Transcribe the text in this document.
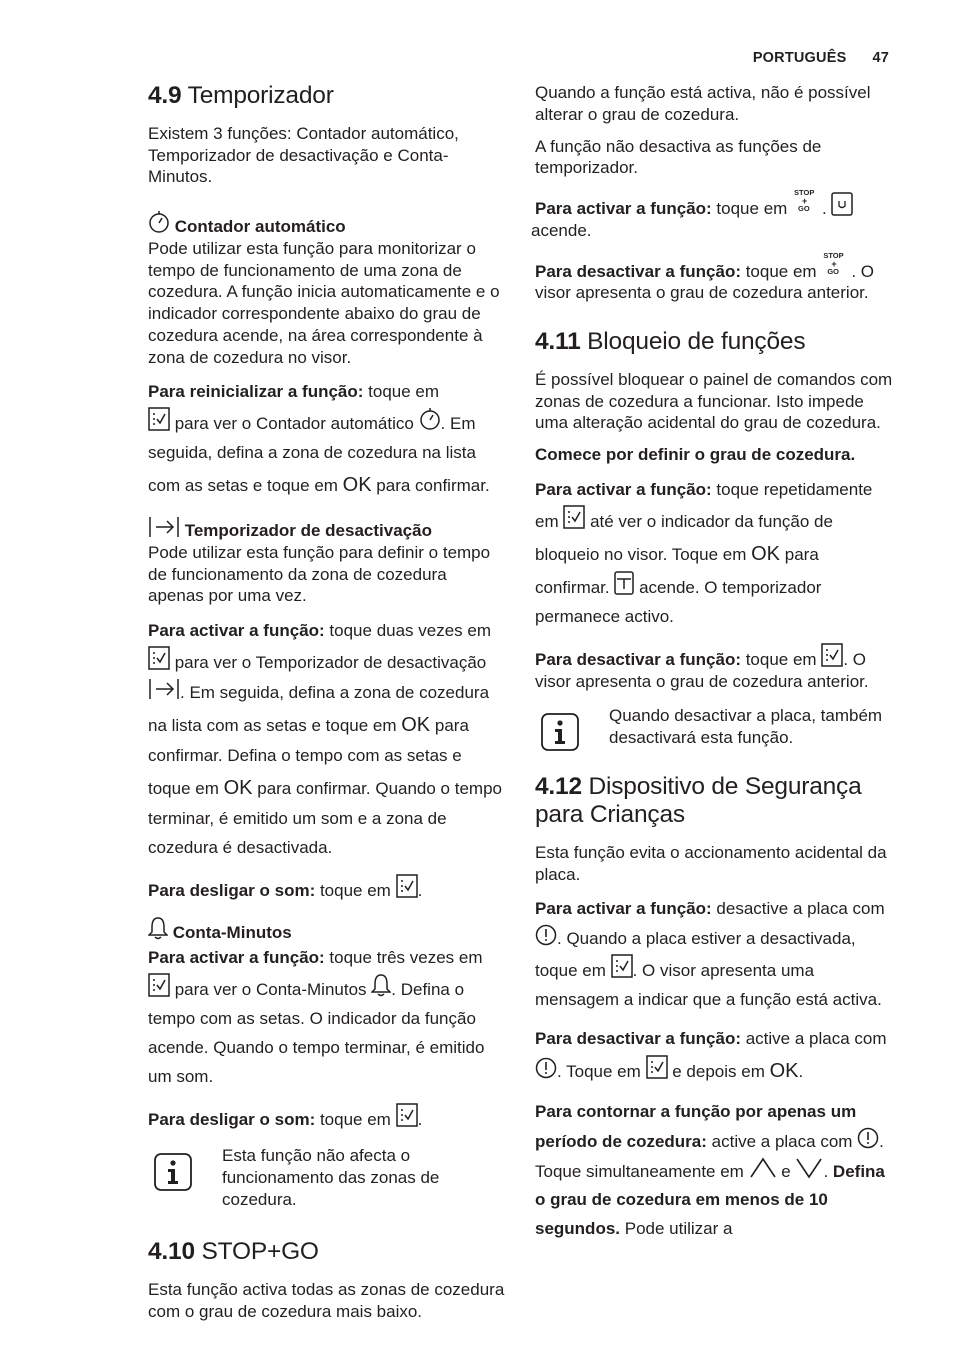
PORTUGUÊS 47
4.9 Temporizador

Existem 3 funções: Contador automático, Temporizador de desactivação e Conta-Minutos.

Contador automático
Pode utilizar esta função para monitorizar o tempo de funcionamento de uma zona de cozedura. A função inicia automaticamente e o indicador correspondente abaixo do grau de cozedura acende, na área correspondente à zona de cozedura no visor.

Para reinicializar a função: toque em

para ver o Contador automático
. Em seguida, defina a zona de cozedura na lista com as setas e toque em OK para confirmar.

Temporizador de desactivação
Pode utilizar esta função para definir o tempo de funcionamento da zona de cozedura apenas por uma vez.

Para activar a função: toque duas vezes em
para ver o Temporizador de desactivação
. Em seguida, defina a zona de cozedura na lista com as setas e toque em OK para confirmar. Defina o tempo com as setas e toque em OK para confirmar. Quando o tempo terminar, é emitido um som e a zona de cozedura é desactivada.

Para desligar o som: toque em
.

Conta-Minutos

Para activar a função: toque três vezes em
para ver o Conta-Minutos
. Defina o tempo com as setas. O indicador da função acende. Quando o tempo terminar, é emitido um som.

Para desligar o som: toque em
.

Esta função não afecta o funcionamento das zonas de cozedura.

4.10 STOP+GO

Esta função activa todas as zonas de cozedura com o grau de cozedura mais baixo.

Quando a função está activa, não é possível alterar o grau de cozedura.

A função não desactiva as funções de temporizador.

Para activar a função: toque em
STOP
+
GO .

acende.

Para desactivar a função: toque em
STOP
+
GO . O visor apresenta o grau de cozedura anterior.

4.11 Bloqueio de funções

É possível bloquear o painel de comandos com zonas de cozedura a funcionar. Isto impede uma alteração acidental do grau de cozedura.

Comece por definir o grau de cozedura.

Para activar a função: toque repetidamente em
até ver o indicador da função de bloqueio no visor. Toque em OK para confirmar.
acende. O temporizador permanece activo.

Para desactivar a função: toque em
. O visor apresenta o grau de cozedura anterior.

Quando desactivar a placa, também desactivará esta função.

4.12 Dispositivo de Segurança para Crianças

Esta função evita o accionamento acidental da placa.

Para activar a função: desactive a placa com
. Quando a placa estiver a desactivada, toque em
. O visor apresenta uma mensagem a indicar que a função está activa.

Para desactivar a função: active a placa com
. Toque em
e depois em OK.

Para contornar a função por apenas um período de cozedura: active a placa com
. Toque simultaneamente em
e
. Defina o grau de cozedura em menos de 10 segundos. Pode utilizar a
